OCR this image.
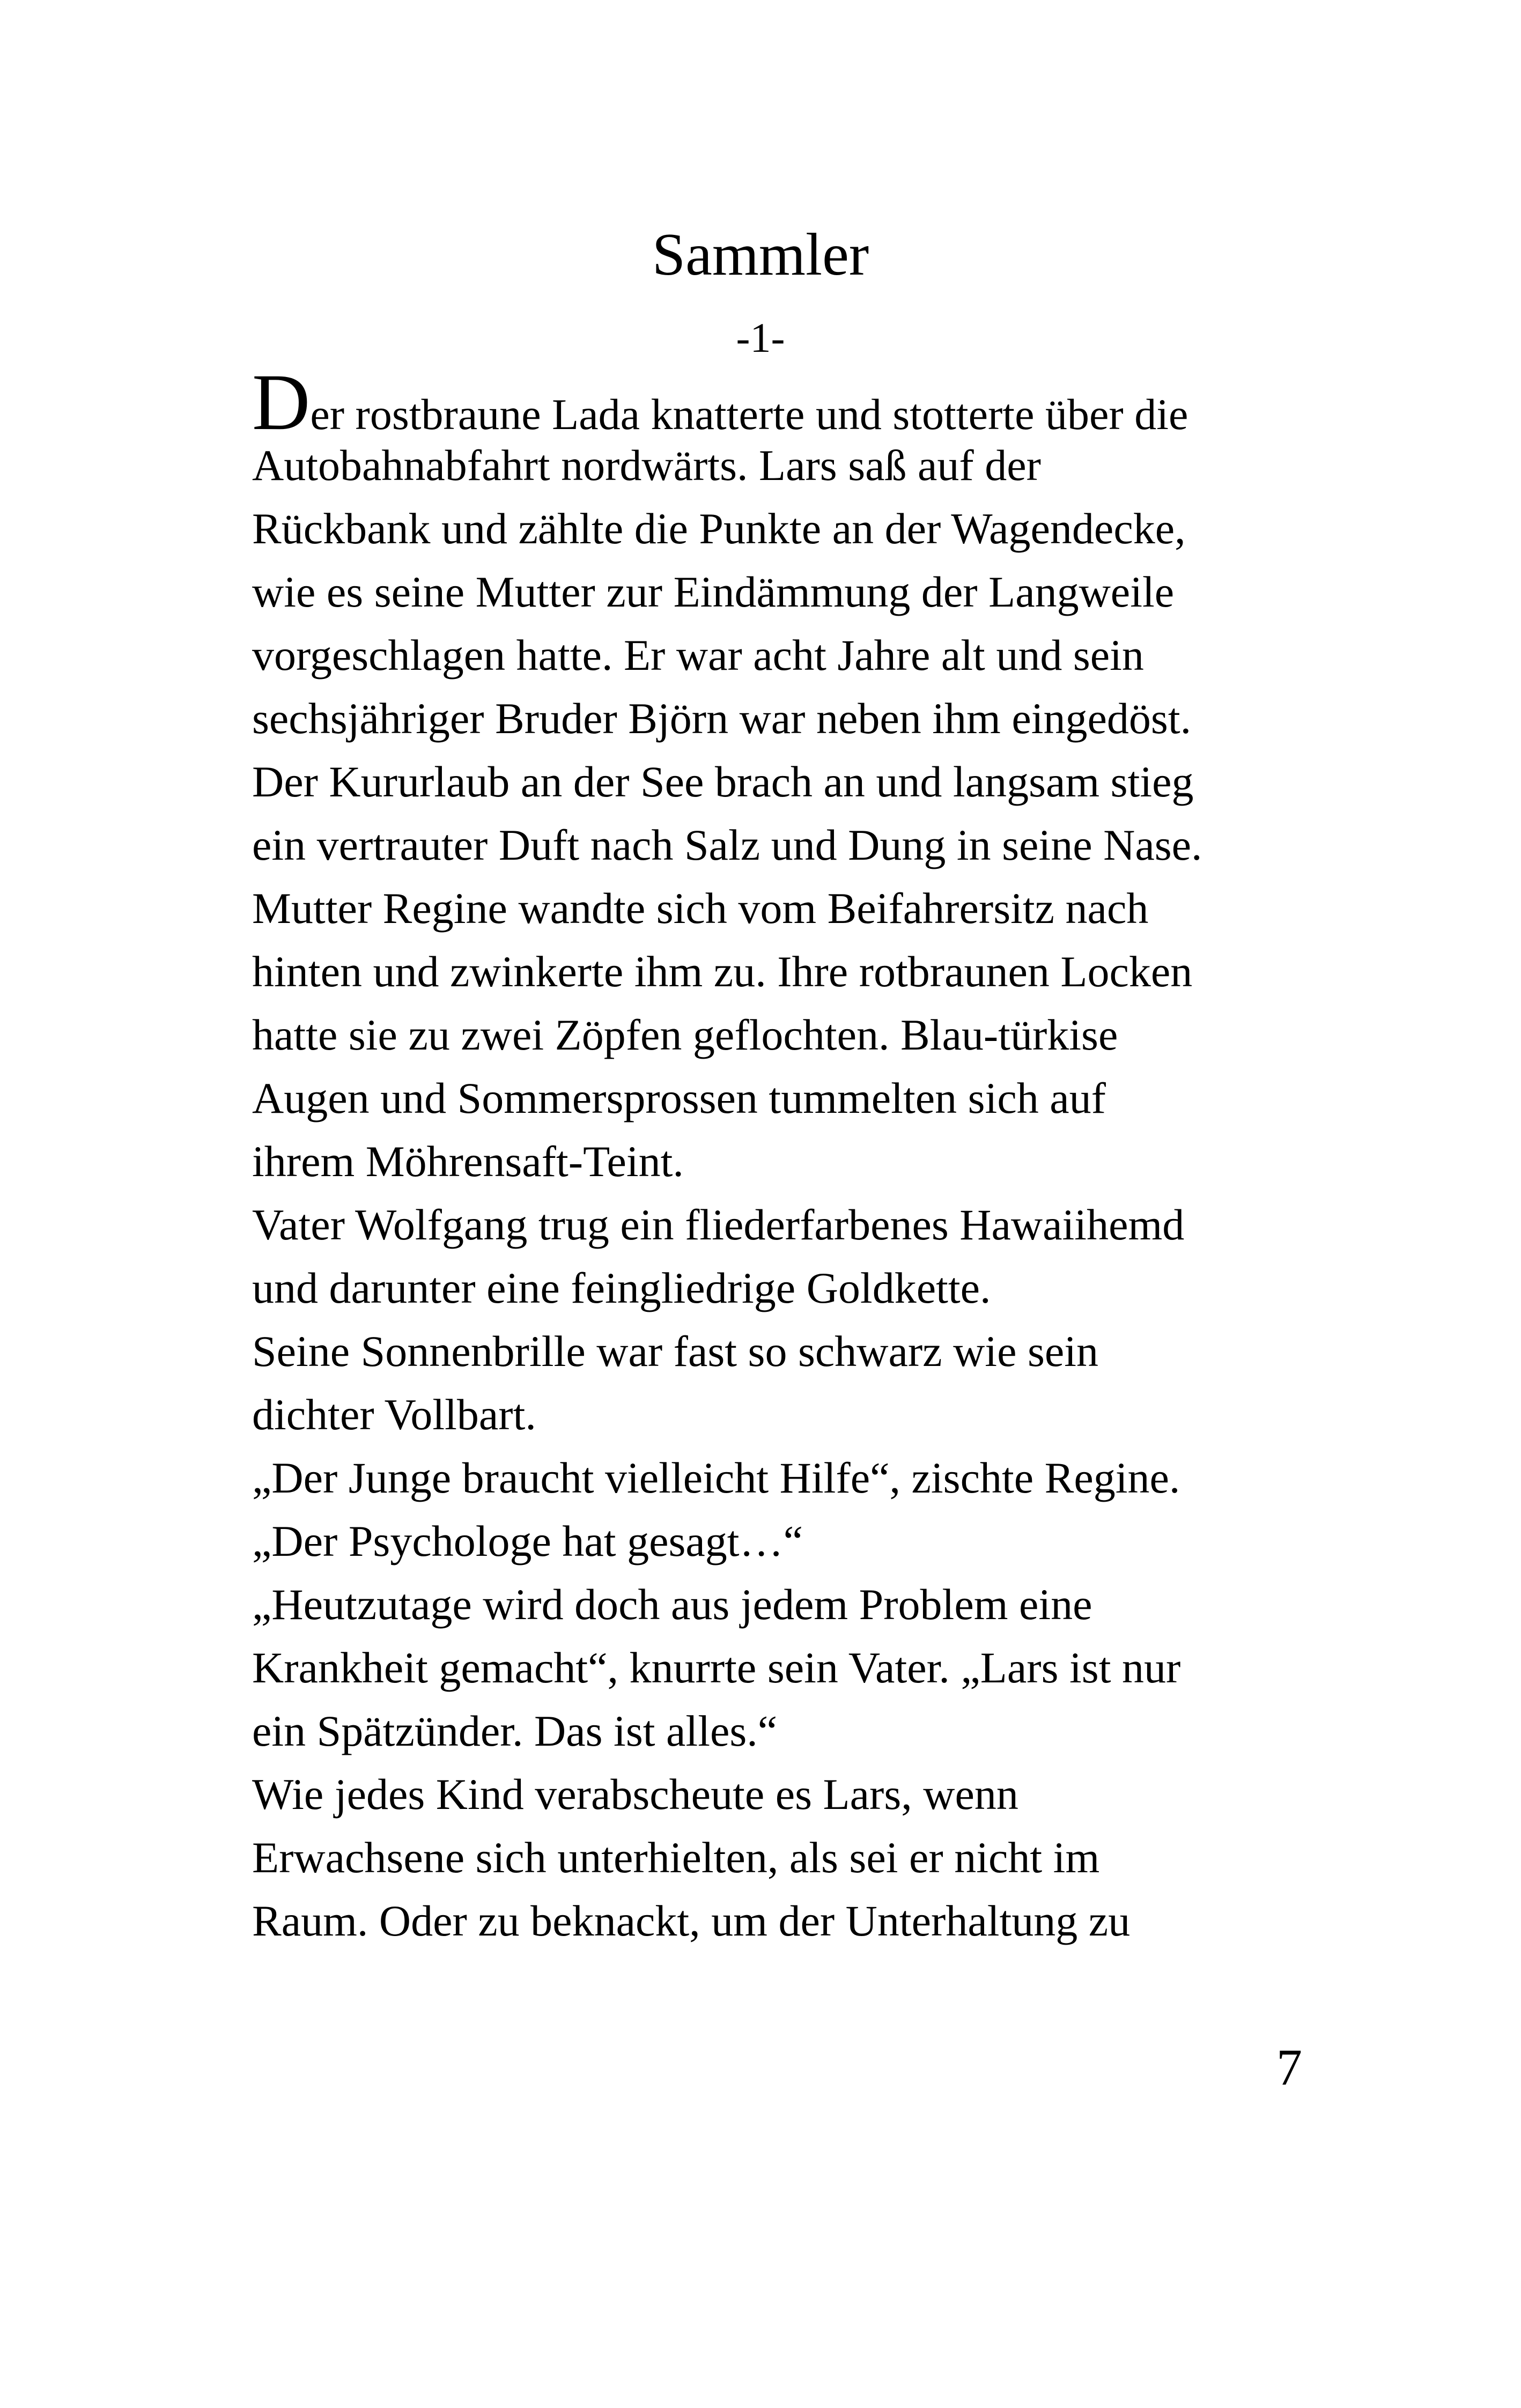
Sammler
-1-
Der rostbraune Lada knatterte und stotterte über die
Autobahnabfahrt nordwärts. Lars saß auf der
Rückbank und zählte die Punkte an der Wagendecke,
wie es seine Mutter zur Eindämmung der Langweile
vorgeschlagen hatte. Er war acht Jahre alt und sein
sechsjähriger Bruder Björn war neben ihm eingedöst.
Der Kururlaub an der See brach an und langsam stieg
ein vertrauter Duft nach Salz und Dung in seine Nase.
Mutter Regine wandte sich vom Beifahrersitz nach
hinten und zwinkerte ihm zu. Ihre rotbraunen Locken
hatte sie zu zwei Zöpfen geflochten. Blau-türkise
Augen und Sommersprossen tummelten sich auf
ihrem Möhrensaft-Teint.
Vater Wolfgang trug ein fliederfarbenes Hawaiihemd
und darunter eine feingliedrige Goldkette.
Seine Sonnenbrille war fast so schwarz wie sein
dichter Vollbart.
„Der Junge braucht vielleicht Hilfe“, zischte Regine.
„Der Psychologe hat gesagt…“
„Heutzutage wird doch aus jedem Problem eine
Krankheit gemacht“, knurrte sein Vater. „Lars ist nur
ein Spätzünder. Das ist alles.“
Wie jedes Kind verabscheute es Lars, wenn
Erwachsene sich unterhielten, als sei er nicht im
Raum. Oder zu beknackt, um der Unterhaltung zu
7
